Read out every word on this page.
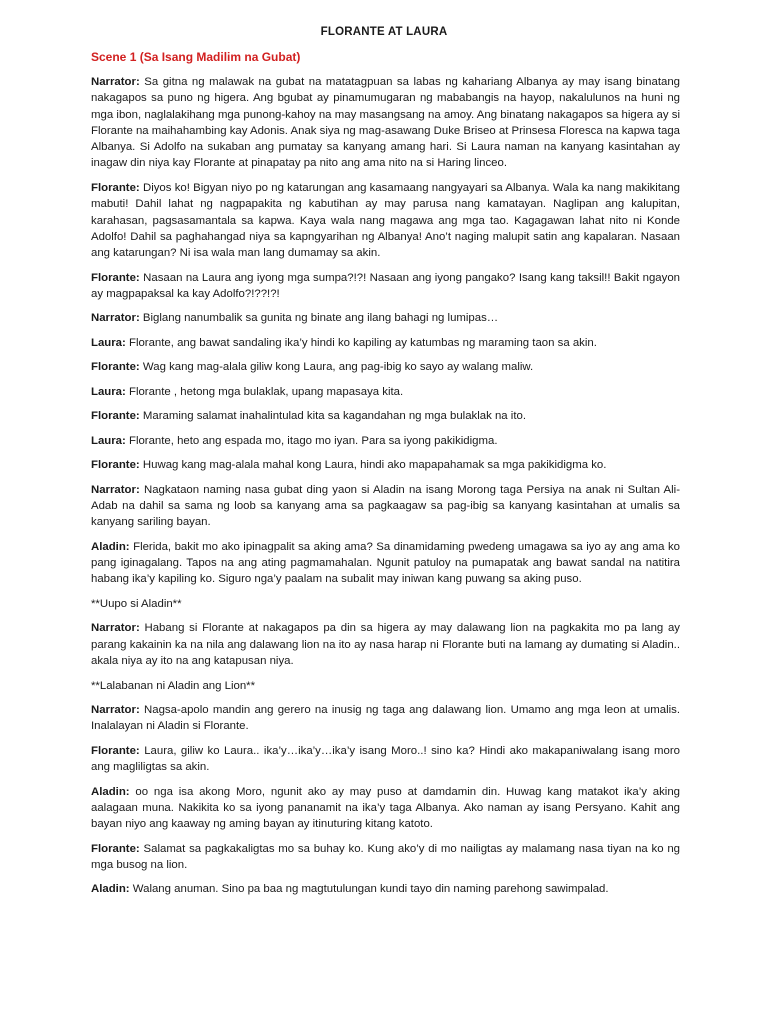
FLORANTE AT LAURA
Scene 1 (Sa Isang Madilim na Gubat)

Narrator: Sa gitna ng malawak na gubat na matatagpuan sa labas ng kahariang Albanya ay may isang binatang nakagapos sa puno ng higera. Ang bgubat ay pinamumugaran ng mababangis na hayop, nakalulunos na huni ng mga ibon, naglalakihang mga punong-kahoy na may masangsang na amoy. Ang binatang nakagapos sa higera ay si Florante na maihahambing kay Adonis. Anak siya ng mag-asawang Duke Briseo at Prinsesa Floresca na kapwa taga Albanya. Si Adolfo na sukaban ang pumatay sa kanyang amang hari. Si Laura naman na kanyang kasintahan ay inagaw din niya kay Florante at pinapatay pa nito ang ama nito na si Haring linceo.

Florante: Diyos ko! Bigyan niyo po ng katarungan ang kasamaang nangyayari sa Albanya. Wala ka nang makikitang mabuti! Dahil lahat ng nagpapakita ng kabutihan ay may parusa nang kamatayan. Naglipan ang kalupitan, karahasan, pagsasamantala sa kapwa. Kaya wala nang magawa ang mga tao. Kagagawan lahat nito ni Konde Adolfo! Dahil sa paghahangad niya sa kapngyarihan ng Albanya! Ano’t naging malupit satin ang kapalaran. Nasaan ang katarungan? Ni isa wala man lang dumamay sa akin.

Florante: Nasaan na Laura ang iyong mga sumpa?!?! Nasaan ang iyong pangako? Isang kang taksil!! Bakit ngayon ay magpapaksal ka kay Adolfo?!??!?!

Narrator: Biglang nanumbalik sa gunita ng binate ang ilang bahagi ng lumipas…

Laura: Florante, ang bawat sandaling ika’y hindi ko kapiling ay katumbas ng maraming taon sa akin.

Florante: Wag kang mag-alala giliw kong Laura, ang pag-ibig ko sayo ay walang maliw.

Laura: Florante , hetong mga bulaklak, upang mapasaya kita.

Florante: Maraming salamat inahalintulad kita sa kagandahan ng mga bulaklak na ito.

Laura: Florante, heto ang espada mo, itago mo iyan. Para sa iyong pakikidigma.

Florante: Huwag kang mag-alala mahal kong Laura, hindi ako mapapahamak sa mga pakikidigma ko.

Narrator: Nagkataon naming nasa gubat ding yaon si Aladin na isang Morong taga Persiya na anak ni Sultan Ali-Adab na dahil sa sama ng loob sa kanyang ama sa pagkaagaw sa pag-ibig sa kanyang kasintahan at umalis sa kanyang sariling bayan.

Aladin: Flerida, bakit mo ako ipinagpalit sa aking ama? Sa dinamidaming pwedeng umagawa sa iyo ay ang ama ko pang iginagalang. Tapos na ang ating pagmamahalan. Ngunit patuloy na pumapatak ang bawat sandal na natitira habang ika’y kapiling ko. Siguro nga’y paalam na subalit may iniwan kang puwang sa aking puso.

**Uupo si Aladin**

Narrator: Habang si Florante at nakagapos pa din sa higera ay may dalawang lion na pagkakita mo pa lang ay parang kakainin ka na nila ang dalawang lion na ito ay nasa harap ni Florante buti na lamang ay dumating si Aladin.. akala niya ay ito na ang katapusan niya.

**Lalabanan ni Aladin ang Lion**

Narrator: Nagsa-apolo mandin ang gerero na inusig ng taga ang dalawang lion. Umamo ang mga leon at umalis. Inalalayan ni Aladin si Florante.

Florante: Laura, giliw ko Laura.. ika’y…ika’y…ika’y isang Moro..! sino ka? Hindi ako makapaniwalang isang moro ang magliligtas sa akin.

Aladin: oo nga isa akong Moro, ngunit ako ay may puso at damdamin din. Huwag kang matakot ika’y aking aalagaan muna. Nakikita ko sa iyong pananamit na ika’y taga Albanya. Ako naman ay isang Persyano. Kahit ang bayan niyo ang kaaway ng aming bayan ay itinuturing kitang katoto.

Florante: Salamat sa pagkakaligtas mo sa buhay ko. Kung ako’y di mo nailigtas ay malamang nasa tiyan na ko ng mga busog na lion.

Aladin: Walang anuman. Sino pa baa ng magtutulungan kundi tayo din naming parehong sawimpalad.
